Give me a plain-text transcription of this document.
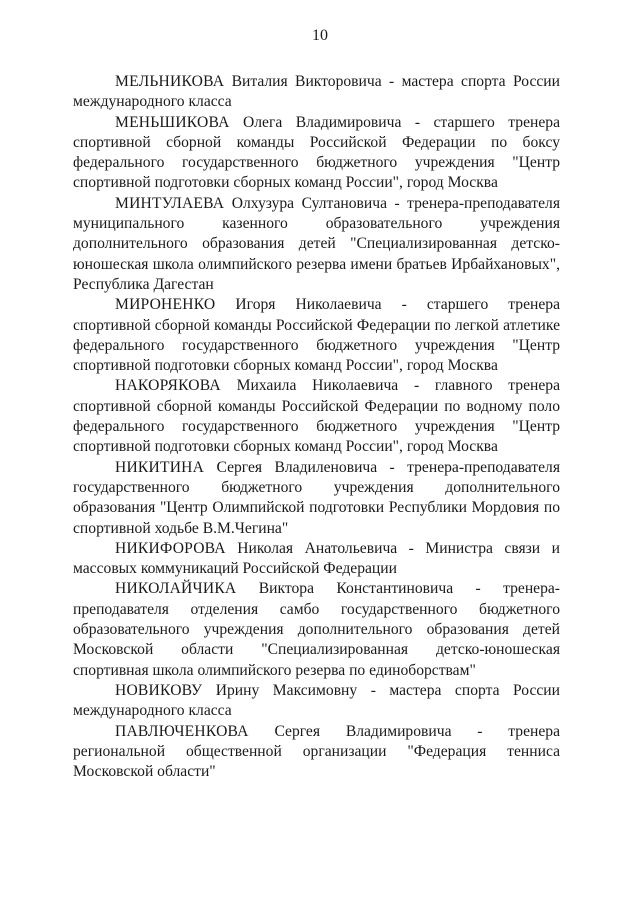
10

МЕЛЬНИКОВА Виталия Викторовича - мастера спорта России международного класса

МЕНЬШИКОВА Олега Владимировича - старшего тренера спортивной сборной команды Российской Федерации по боксу федерального государственного бюджетного учреждения "Центр спортивной подготовки сборных команд России", город Москва

МИНТУЛАЕВА Олхузура Султановича - тренера-преподавателя муниципального казенного образовательного учреждения дополнительного образования детей "Специализированная детско-юношеская школа олимпийского резерва имени братьев Ирбайхановых", Республика Дагестан

МИРОНЕНКО Игоря Николаевича - старшего тренера спортивной сборной команды Российской Федерации по легкой атлетике федерального государственного бюджетного учреждения "Центр спортивной подготовки сборных команд России", город Москва

НАКОРЯКОВА Михаила Николаевича - главного тренера спортивной сборной команды Российской Федерации по водному поло федерального государственного бюджетного учреждения "Центр спортивной подготовки сборных команд России", город Москва

НИКИТИНА Сергея Владиленовича - тренера-преподавателя государственного бюджетного учреждения дополнительного образования "Центр Олимпийской подготовки Республики Мордовия по спортивной ходьбе В.М.Чегина"

НИКИФОРОВА Николая Анатольевича - Министра связи и массовых коммуникаций Российской Федерации

НИКОЛАЙЧИКА Виктора Константиновича - тренера-преподавателя отделения самбо государственного бюджетного образовательного учреждения дополнительного образования детей Московской области "Специализированная детско-юношеская спортивная школа олимпийского резерва по единоборствам"

НОВИКОВУ Ирину Максимовну - мастера спорта России международного класса

ПАВЛЮЧЕНКОВА Сергея Владимировича - тренера региональной общественной организации "Федерация тенниса Московской области"
